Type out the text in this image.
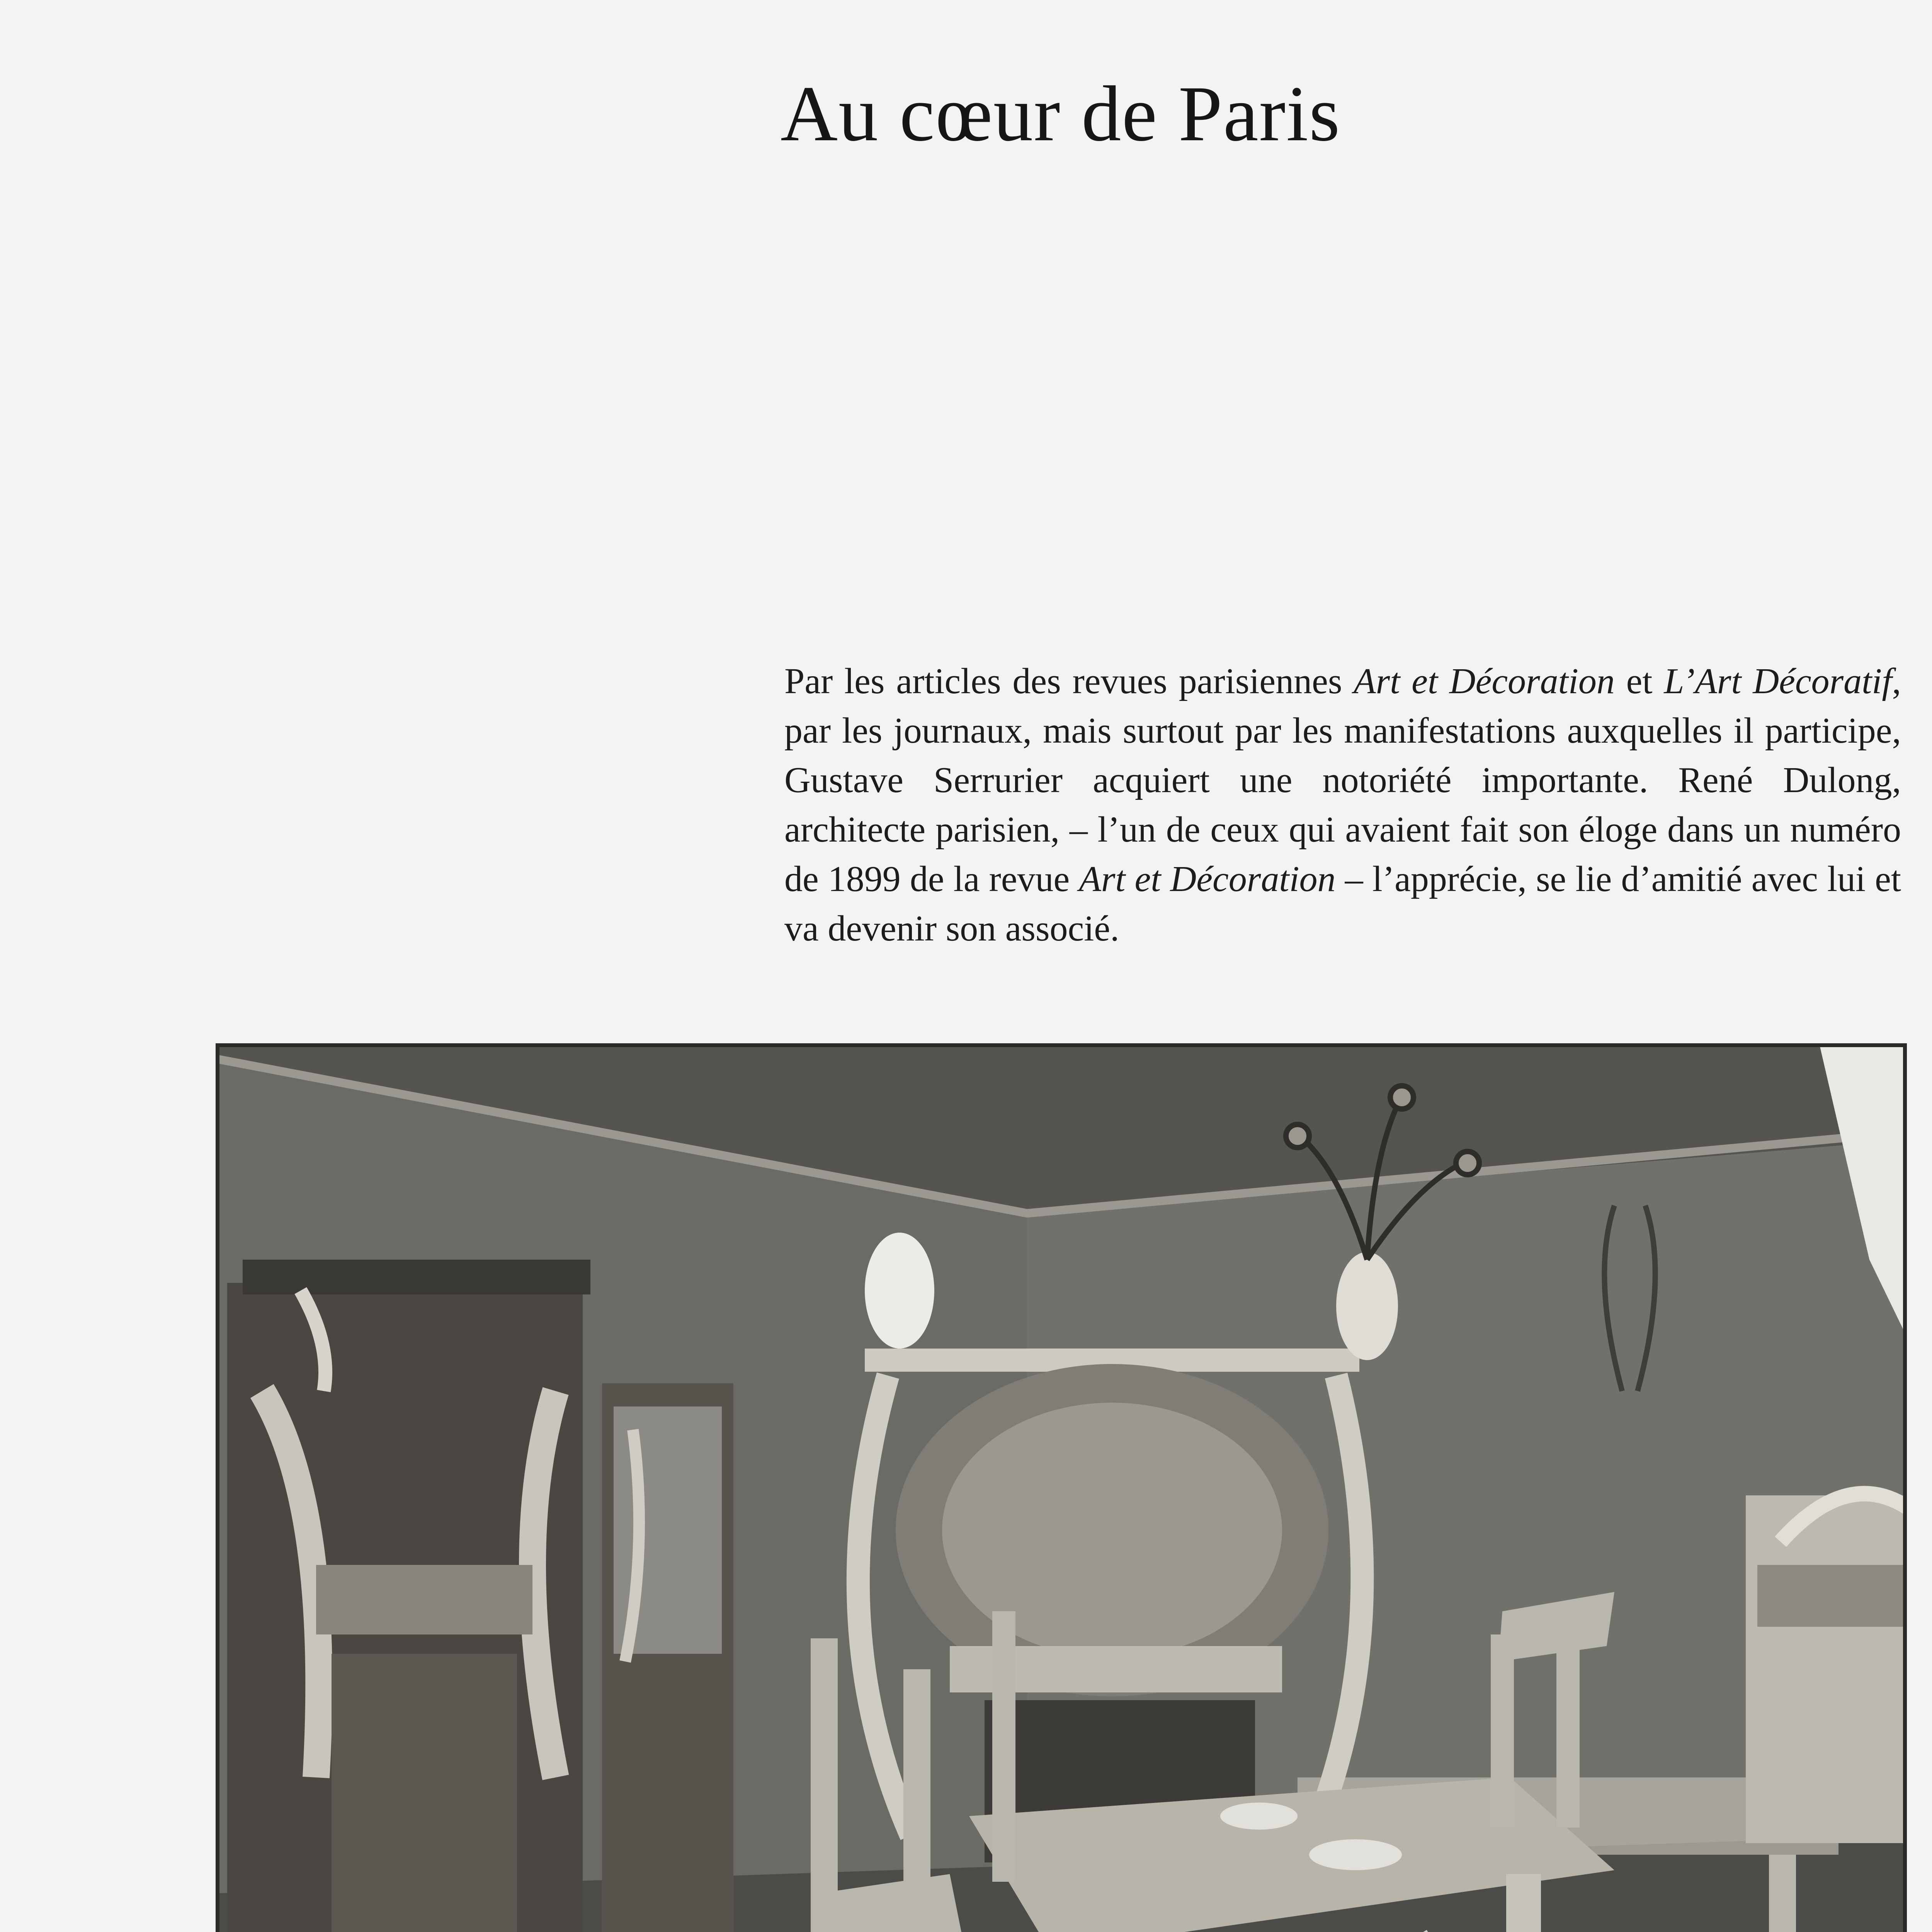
Au cœur de Paris

Par les articles des revues parisiennes Art et Décoration et L’Art Décoratif, par les journaux, mais surtout par les manifestations auxquelles il participe, Gustave Serrurier acquiert une notoriété importante. René Dulong, architecte parisien, – l’un de ceux qui avaient fait son éloge dans un numéro de 1899 de la revue Art et Décoration – l’apprécie, se lie d’amitié avec lui et va devenir son associé.
